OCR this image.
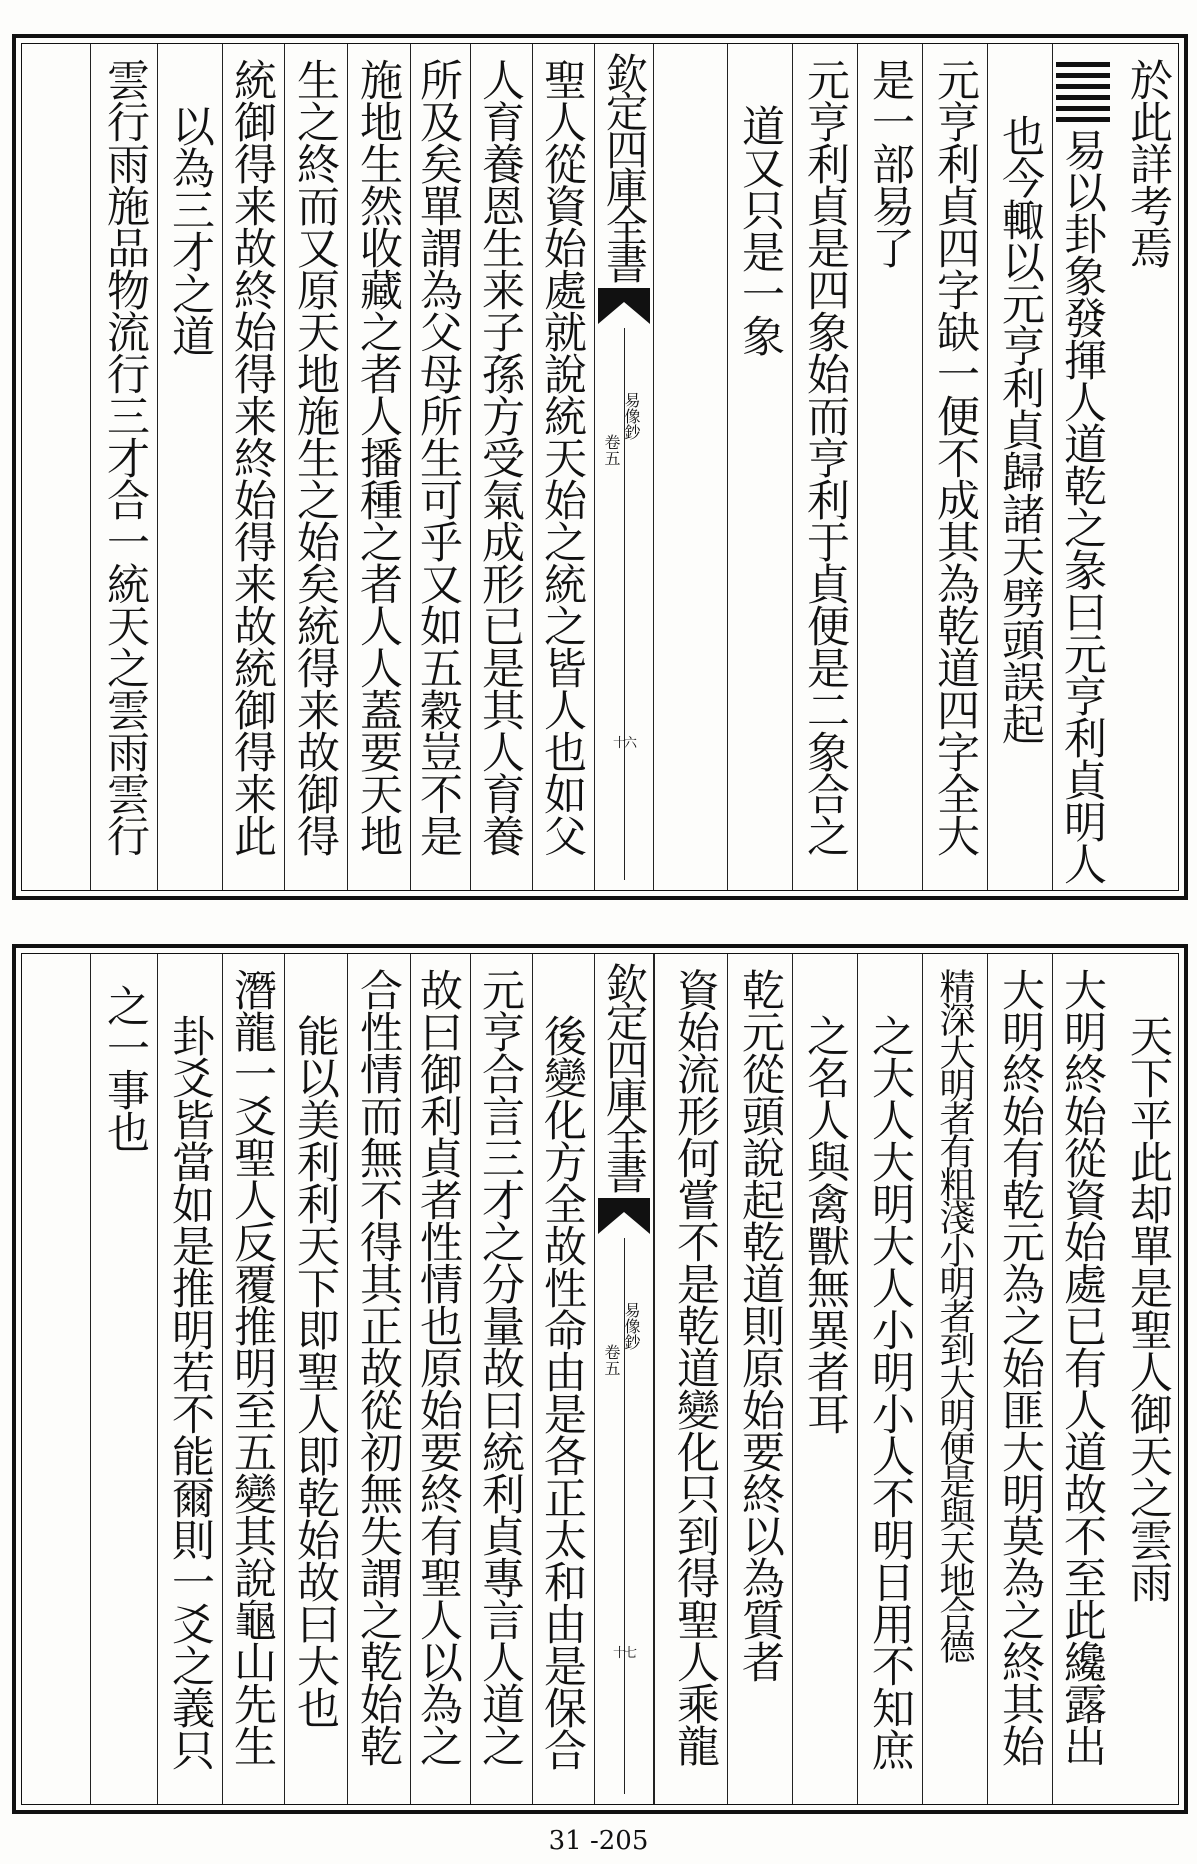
欽定四庫全書
易像鈔
卷五
十六
於此詳考焉
易以卦象發揮人道乾之彖曰元亨利貞明人
也今輙以元亨利貞歸諸天劈頭誤起
元亨利貞四字缺一便不成其為乾道四字全大
是一部易了
元亨利貞是四象始而亨利于貞便是二象合之
道又只是一象
聖人從資始處就說統天始之統之皆人也如父
人育養恩生来子孫方受氣成形已是其人育養
所及矣單謂為父母所生可乎又如五穀豈不是
施地生然收藏之者人播種之者人人蓋要天地
生之終而又原天地施生之始矣統得来故御得
統御得来故終始得来終始得来故統御得来此
以為三才之道
雲行雨施品物流行三才合一統天之雲雨雲行
欽定四庫全書
易像鈔
卷五
十七
天下平此却單是聖人御天之雲雨
大明終始從資始處已有人道故不至此纔露出
大明終始有乾元為之始匪大明莫為之終其始
精深大明者有粗淺小明者到大明便是與天地合德
之大人大明大人小明小人不明日用不知庶
之名人與禽獸無異者耳
乾元從頭說起乾道則原始要終以為質者
資始流形何嘗不是乾道變化只到得聖人乘龍
後變化方全故性命由是各正太和由是保合
元亨合言三才之分量故曰統利貞專言人道之
故曰御利貞者性情也原始要終有聖人以為之
合性情而無不得其正故從初無失謂之乾始乾
能以美利利天下即聖人即乾始故曰大也
潛龍一爻聖人反覆推明至五變其說龜山先生
卦爻皆當如是推明若不能爾則一爻之義只
之一事也
31 -205
